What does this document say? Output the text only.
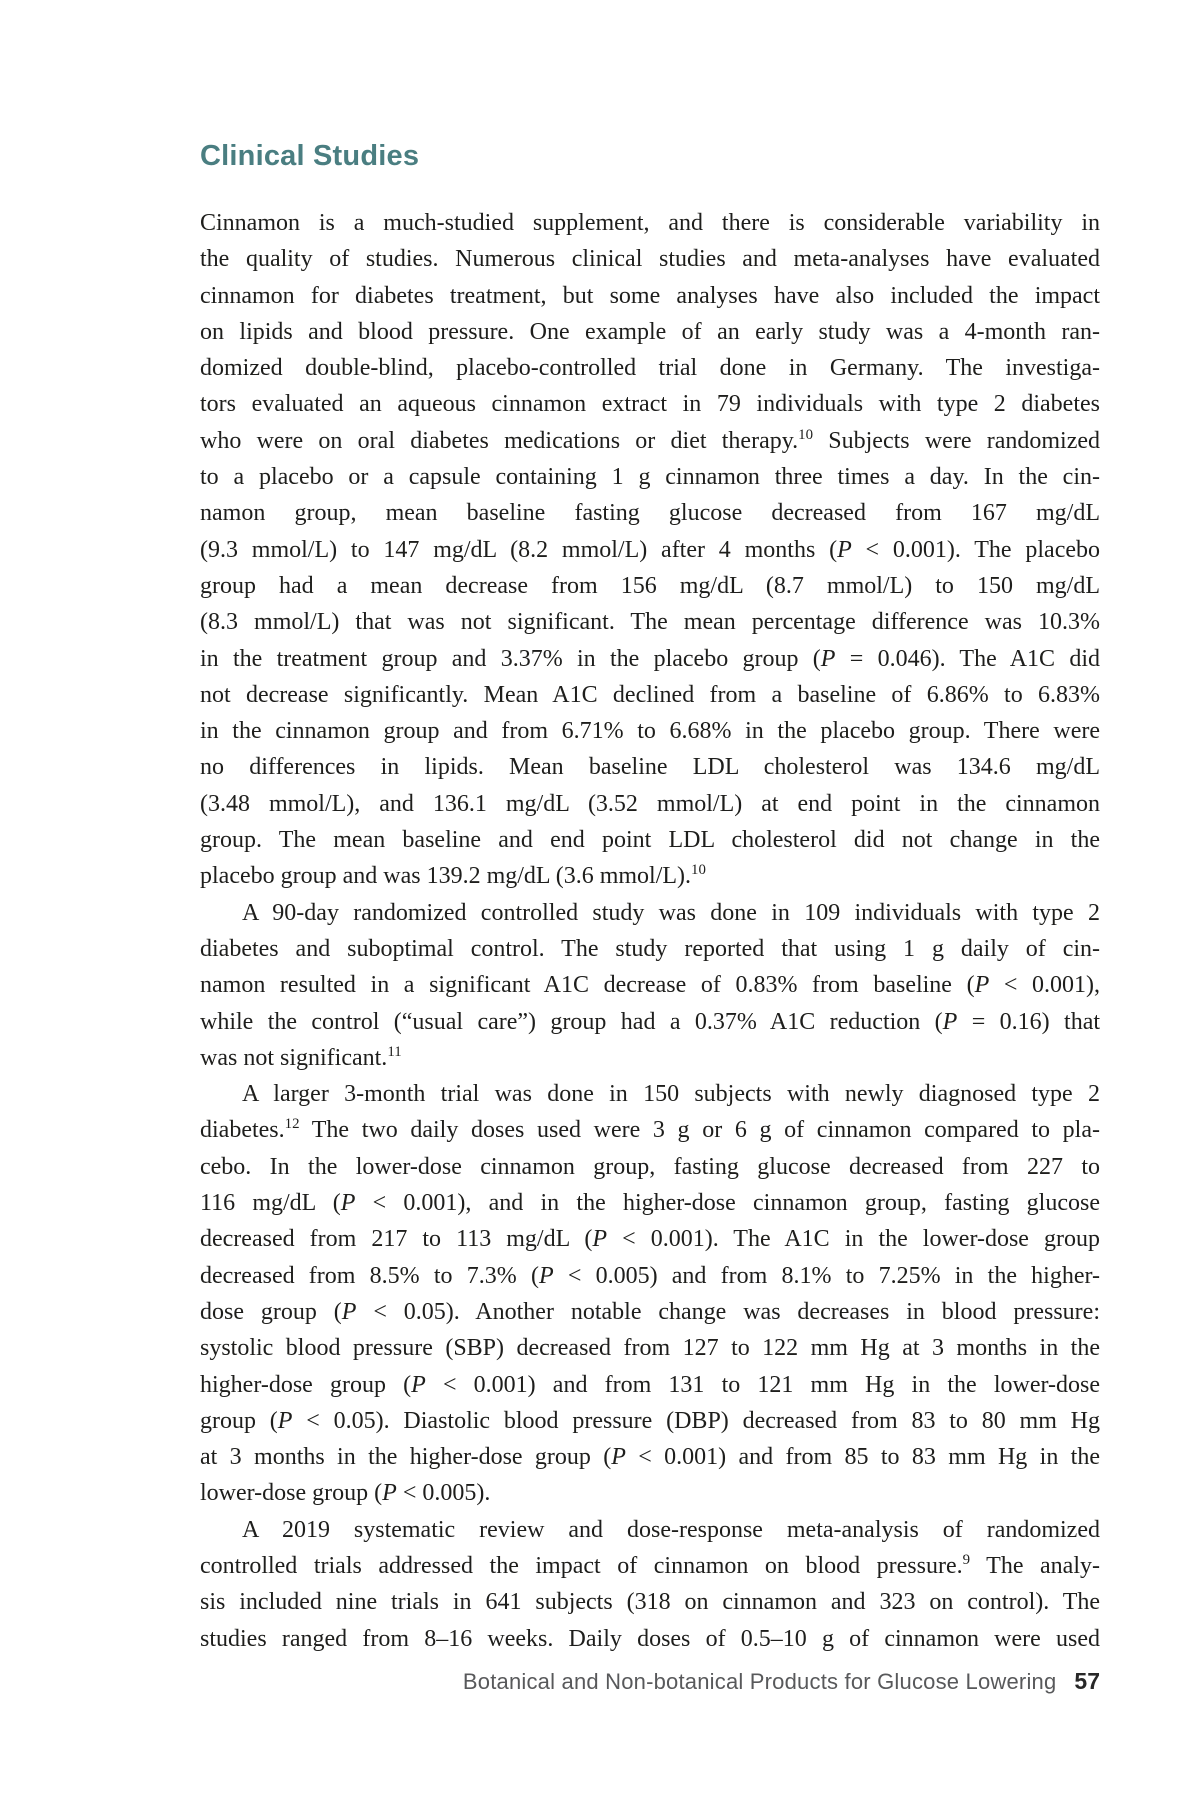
Clinical Studies
Cinnamon is a much-studied supplement, and there is considerable variability in
the quality of studies. Numerous clinical studies and meta-analyses have evaluated
cinnamon for diabetes treatment, but some analyses have also included the impact
on lipids and blood pressure. One example of an early study was a 4-month ran-
domized double-blind, placebo-controlled trial done in Germany. The investiga-
tors evaluated an aqueous cinnamon extract in 79 individuals with type 2 diabetes
who were on oral diabetes medications or diet therapy.$^{10}$ Subjects were randomized
to a placebo or a capsule containing 1 g cinnamon three times a day. In the cin-
namon group, mean baseline fasting glucose decreased from 167 mg/dL
(9.3 mmol/L) to 147 mg/dL (8.2 mmol/L) after 4 months (P < 0.001). The placebo
group had a mean decrease from 156 mg/dL (8.7 mmol/L) to 150 mg/dL
(8.3 mmol/L) that was not significant. The mean percentage difference was 10.3%
in the treatment group and 3.37% in the placebo group (P = 0.046). The A1C did
not decrease significantly. Mean A1C declined from a baseline of 6.86% to 6.83%
in the cinnamon group and from 6.71% to 6.68% in the placebo group. There were
no differences in lipids. Mean baseline LDL cholesterol was 134.6 mg/dL
(3.48 mmol/L), and 136.1 mg/dL (3.52 mmol/L) at end point in the cinnamon
group. The mean baseline and end point LDL cholesterol did not change in the
placebo group and was 139.2 mg/dL (3.6 mmol/L).$^{10}$
A 90-day randomized controlled study was done in 109 individuals with type 2
diabetes and suboptimal control. The study reported that using 1 g daily of cin-
namon resulted in a significant A1C decrease of 0.83% from baseline (P < 0.001),
while the control (“usual care”) group had a 0.37% A1C reduction (P = 0.16) that
was not significant.$^{11}$
A larger 3-month trial was done in 150 subjects with newly diagnosed type 2
diabetes.$^{12}$ The two daily doses used were 3 g or 6 g of cinnamon compared to pla-
cebo. In the lower-dose cinnamon group, fasting glucose decreased from 227 to
116 mg/dL (P < 0.001), and in the higher-dose cinnamon group, fasting glucose
decreased from 217 to 113 mg/dL (P < 0.001). The A1C in the lower-dose group
decreased from 8.5% to 7.3% (P < 0.005) and from 8.1% to 7.25% in the higher-
dose group (P < 0.05). Another notable change was decreases in blood pressure:
systolic blood pressure (SBP) decreased from 127 to 122 mm Hg at 3 months in the
higher-dose group (P < 0.001) and from 131 to 121 mm Hg in the lower-dose
group (P < 0.05). Diastolic blood pressure (DBP) decreased from 83 to 80 mm Hg
at 3 months in the higher-dose group (P < 0.001) and from 85 to 83 mm Hg in the
lower-dose group (P < 0.005).
A 2019 systematic review and dose-response meta-analysis of randomized
controlled trials addressed the impact of cinnamon on blood pressure.$^9$ The analy-
sis included nine trials in 641 subjects (318 on cinnamon and 323 on control). The
studies ranged from 8–16 weeks. Daily doses of 0.5–10 g of cinnamon were used
Botanical and Non-botanical Products for Glucose Lowering 57
